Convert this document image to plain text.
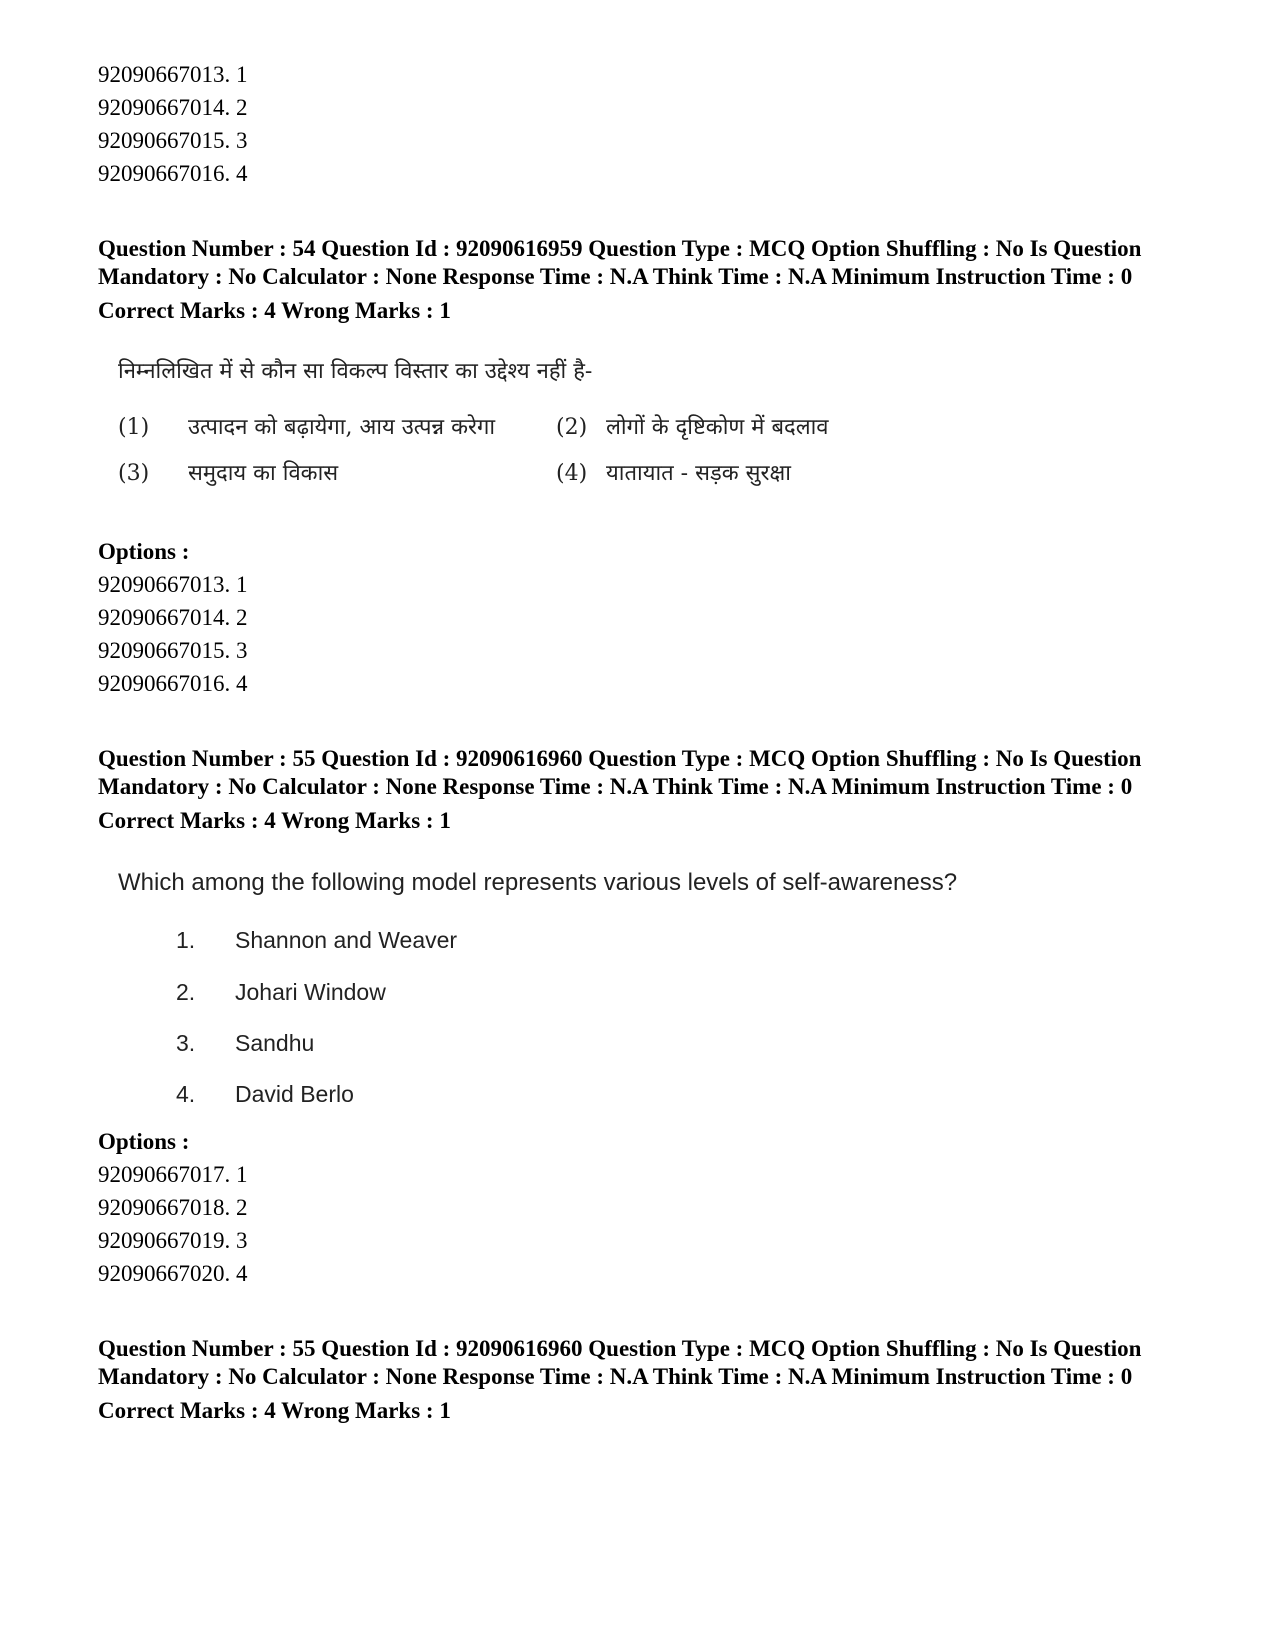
92090667013. 1
92090667014. 2
92090667015. 3
92090667016. 4

Question Number : 54 Question Id : 92090616959 Question Type : MCQ Option Shuffling : No Is Question Mandatory : No Calculator : None Response Time : N.A Think Time : N.A Minimum Instruction Time : 0

Correct Marks : 4 Wrong Marks : 1
निम्नलिखित में से कौन सा विकल्प विस्तार का उद्देश्य नहीं है-
(1) उत्पादन को बढ़ायेगा, आय उत्पन्न करेगा	(2) लोगों के दृष्टिकोण में बदलाव
(3) समुदाय का विकास	(4) यातायात - सड़क सुरक्षा
Options :
92090667013. 1
92090667014. 2
92090667015. 3
92090667016. 4

Question Number : 55 Question Id : 92090616960 Question Type : MCQ Option Shuffling : No Is Question Mandatory : No Calculator : None Response Time : N.A Think Time : N.A Minimum Instruction Time : 0

Correct Marks : 4 Wrong Marks : 1
Which among the following model represents various levels of self-awareness?
1. Shannon and Weaver
2. Johari Window
3. Sandhu
4. David Berlo
Options :
92090667017. 1
92090667018. 2
92090667019. 3
92090667020. 4

Question Number : 55 Question Id : 92090616960 Question Type : MCQ Option Shuffling : No Is Question Mandatory : No Calculator : None Response Time : N.A Think Time : N.A Minimum Instruction Time : 0

Correct Marks : 4 Wrong Marks : 1
